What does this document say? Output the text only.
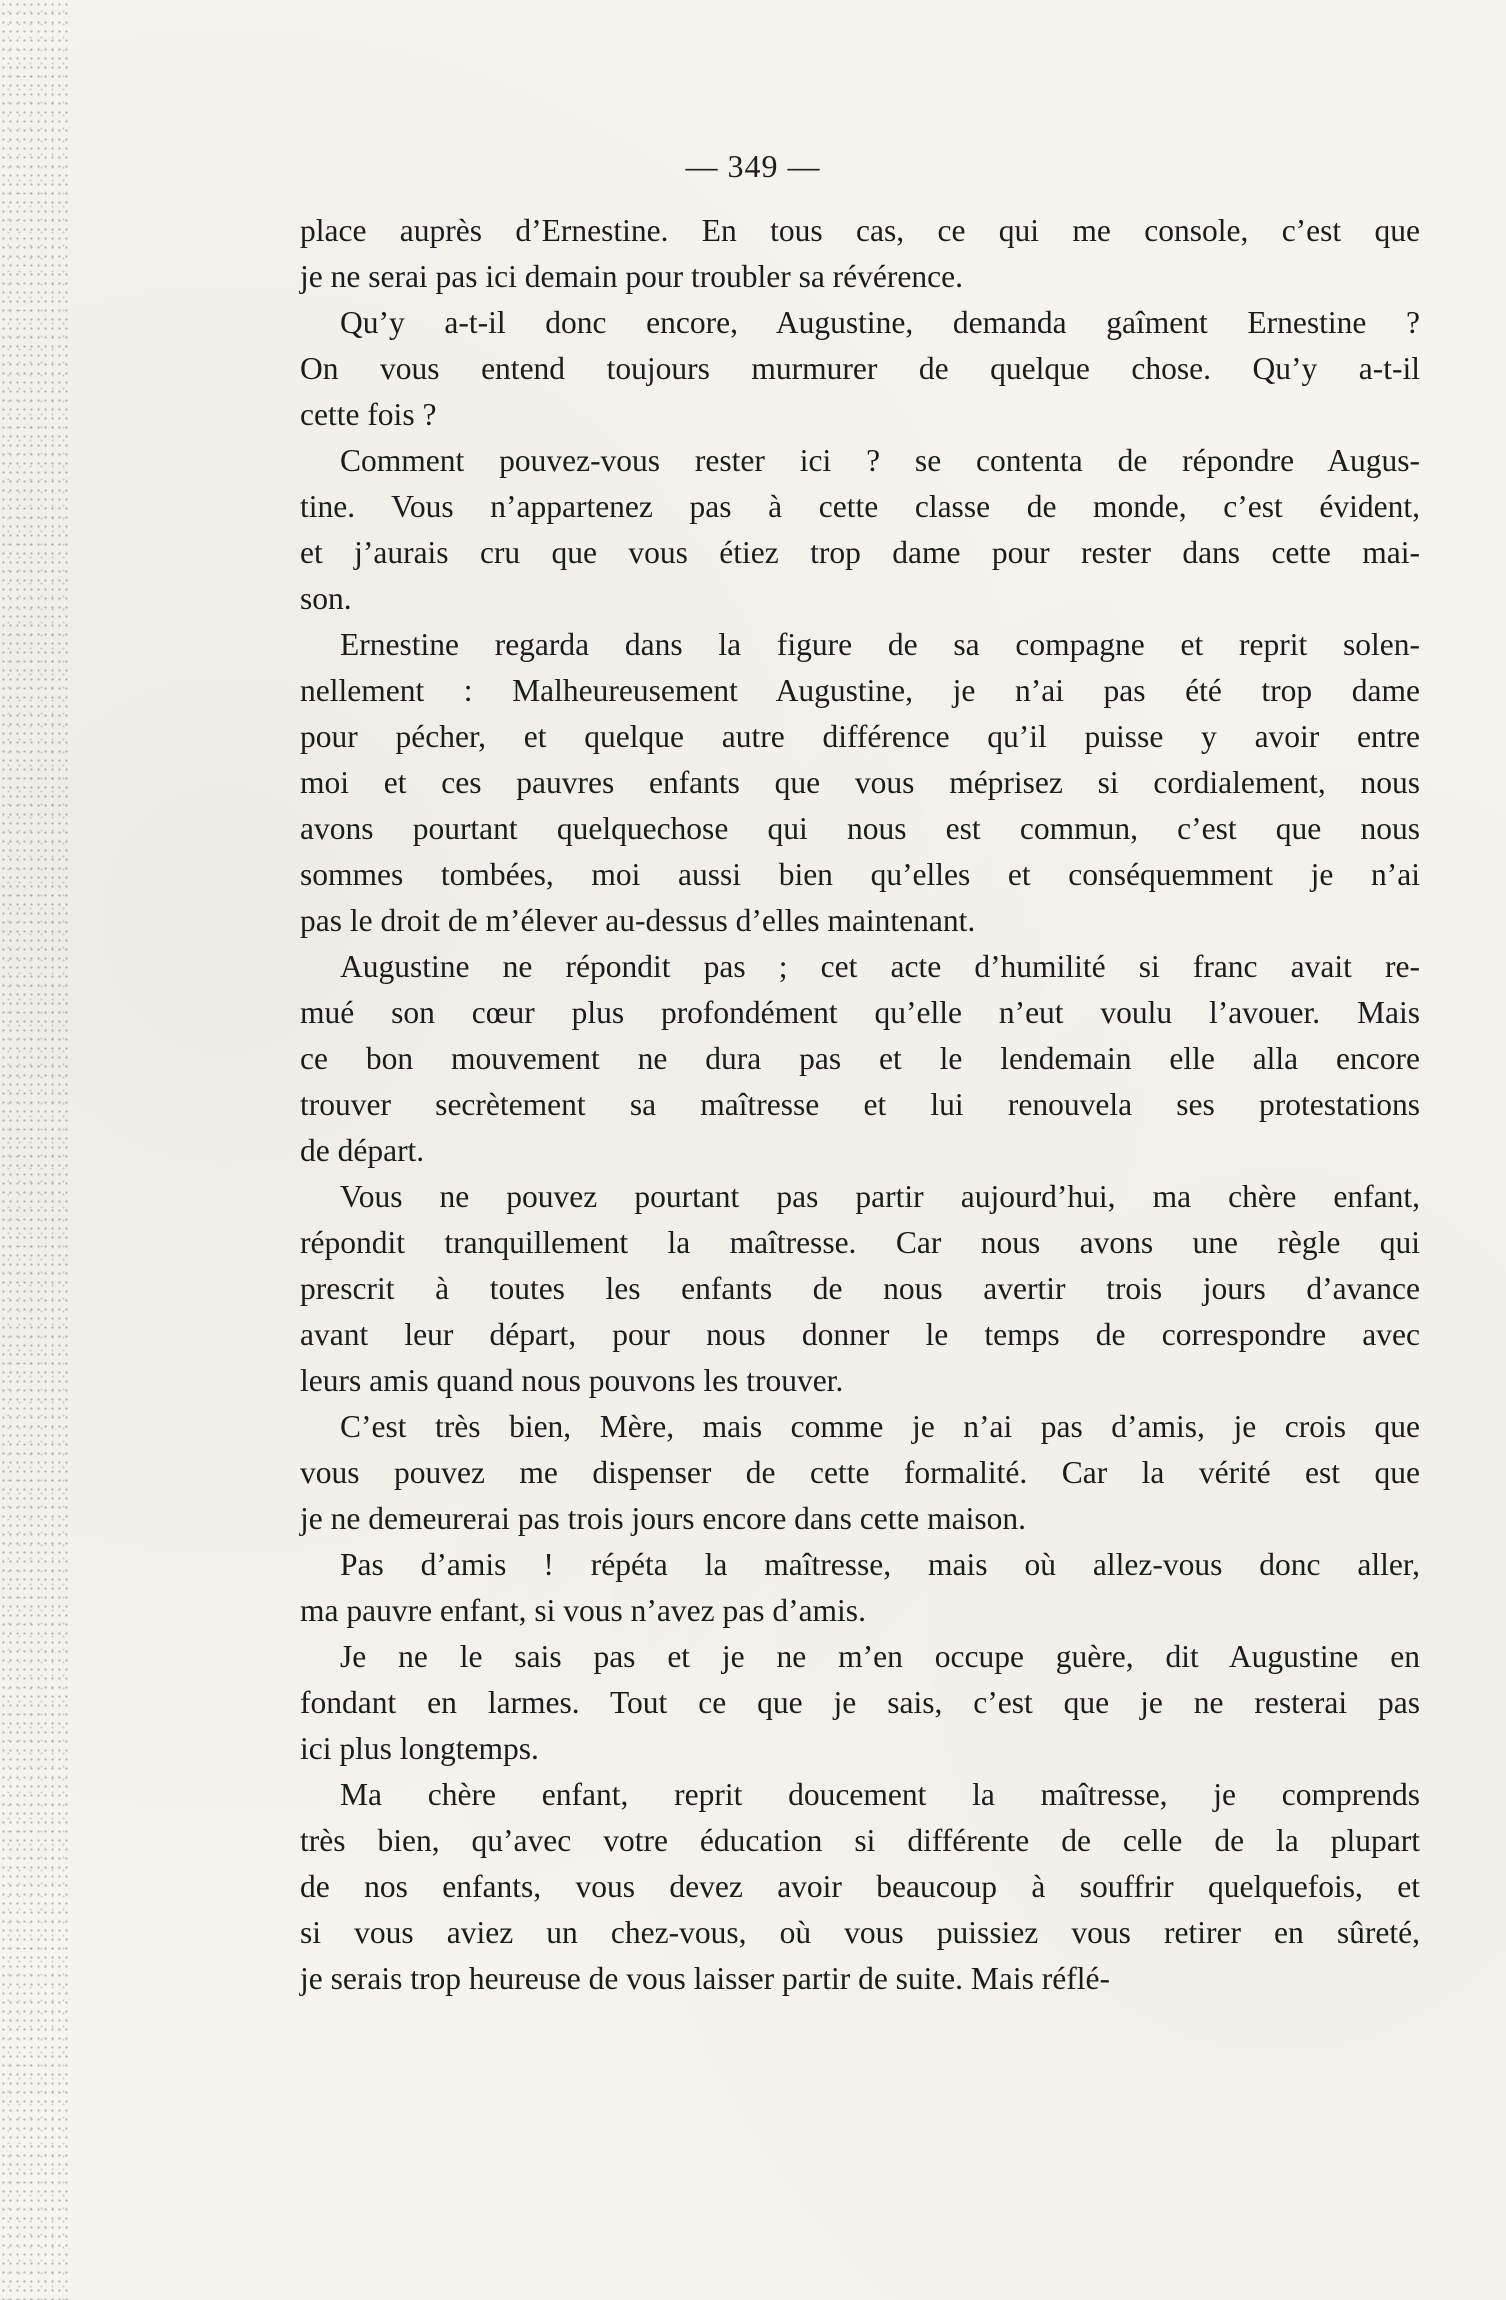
— 349 —
place auprès d’Ernestine. En tous cas, ce qui me console, c’est que
je ne serai pas ici demain pour troubler sa révérence.
Qu’y a-t-il donc encore, Augustine, demanda gaîment Ernestine ?
On vous entend toujours murmurer de quelque chose. Qu’y a-t-il
cette fois ?
Comment pouvez-vous rester ici ? se contenta de répondre Augus-
tine. Vous n’appartenez pas à cette classe de monde, c’est évident,
et j’aurais cru que vous étiez trop dame pour rester dans cette mai-
son.
Ernestine regarda dans la figure de sa compagne et reprit solen-
nellement : Malheureusement Augustine, je n’ai pas été trop dame
pour pécher, et quelque autre différence qu’il puisse y avoir entre
moi et ces pauvres enfants que vous méprisez si cordialement, nous
avons pourtant quelquechose qui nous est commun, c’est que nous
sommes tombées, moi aussi bien qu’elles et conséquemment je n’ai
pas le droit de m’élever au-dessus d’elles maintenant.
Augustine ne répondit pas ; cet acte d’humilité si franc avait re-
mué son cœur plus profondément qu’elle n’eut voulu l’avouer. Mais
ce bon mouvement ne dura pas et le lendemain elle alla encore
trouver secrètement sa maîtresse et lui renouvela ses protestations
de départ.
Vous ne pouvez pourtant pas partir aujourd’hui, ma chère enfant,
répondit tranquillement la maîtresse. Car nous avons une règle qui
prescrit à toutes les enfants de nous avertir trois jours d’avance
avant leur départ, pour nous donner le temps de correspondre avec
leurs amis quand nous pouvons les trouver.
C’est très bien, Mère, mais comme je n’ai pas d’amis, je crois que
vous pouvez me dispenser de cette formalité. Car la vérité est que
je ne demeurerai pas trois jours encore dans cette maison.
Pas d’amis ! répéta la maîtresse, mais où allez-vous donc aller,
ma pauvre enfant, si vous n’avez pas d’amis.
Je ne le sais pas et je ne m’en occupe guère, dit Augustine en
fondant en larmes. Tout ce que je sais, c’est que je ne resterai pas
ici plus longtemps.
Ma chère enfant, reprit doucement la maîtresse, je comprends
très bien, qu’avec votre éducation si différente de celle de la plupart
de nos enfants, vous devez avoir beaucoup à souffrir quelquefois, et
si vous aviez un chez-vous, où vous puissiez vous retirer en sûreté,
je serais trop heureuse de vous laisser partir de suite. Mais réflé-
